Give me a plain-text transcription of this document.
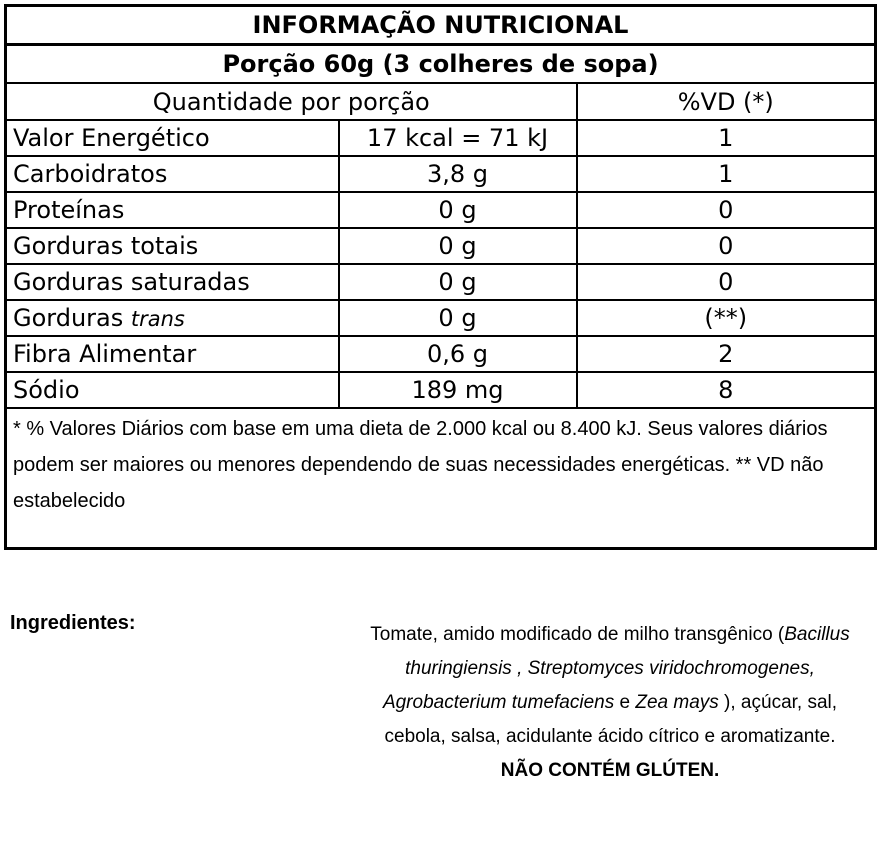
INFORMAÇÃO NUTRICIONAL		
Porção 60g (3 colheres de sopa)		
Quantidade por porção		%VD (*)
Valor Energético	17 kcal = 71 kJ	1
Carboidratos	3,8 g	1
Proteínas	0 g	0
Gorduras totais	0 g	0
Gorduras saturadas	0 g	0
Gorduras trans	0 g	(**)
Fibra Alimentar	0,6 g	2
Sódio	189 mg	8
* % Valores Diários com base em uma dieta de 2.000 kcal ou 8.400 kJ. Seus valores diários podem ser maiores ou menores dependendo de suas necessidades energéticas. ** VD não estabelecido		
Ingredientes:
Tomate, amido modificado de milho transgênico (Bacillus thuringiensis , Streptomyces viridochromogenes, Agrobacterium tumefaciens e Zea mays ), açúcar, sal, cebola, salsa, acidulante ácido cítrico e aromatizante.
NÃO CONTÉM GLÚTEN.
